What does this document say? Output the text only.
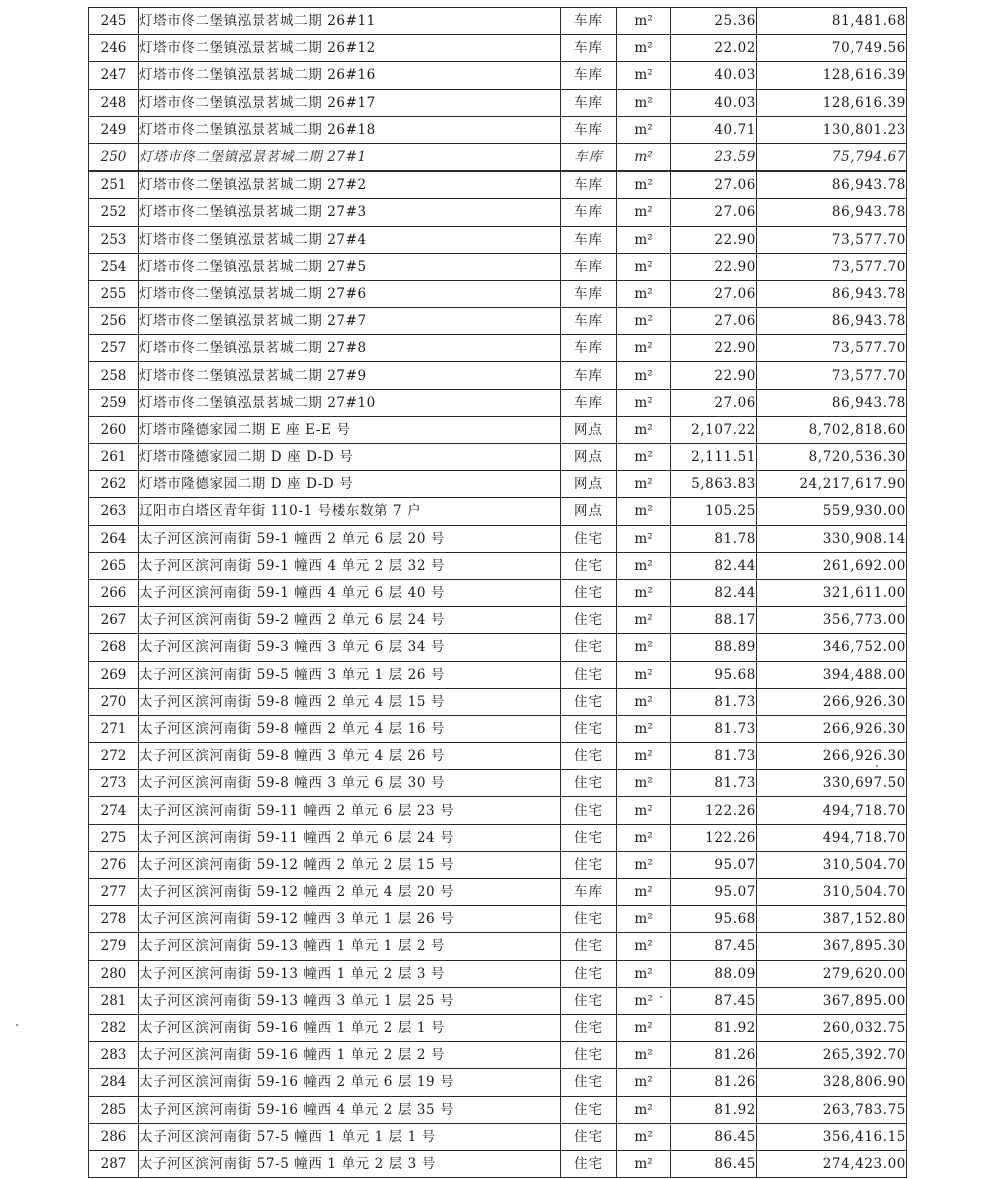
245	灯塔市佟二堡镇泓景茗城二期 26#11	车库	m²	25.36	81,481.68
246	灯塔市佟二堡镇泓景茗城二期 26#12	车库	m²	22.02	70,749.56
247	灯塔市佟二堡镇泓景茗城二期 26#16	车库	m²	40.03	128,616.39
248	灯塔市佟二堡镇泓景茗城二期 26#17	车库	m²	40.03	128,616.39
249	灯塔市佟二堡镇泓景茗城二期 26#18	车库	m²	40.71	130,801.23
250	灯塔市佟二堡镇泓景茗城二期 27#1	车库	m²	23.59	75,794.67
251	灯塔市佟二堡镇泓景茗城二期 27#2	车库	m²	27.06	86,943.78
252	灯塔市佟二堡镇泓景茗城二期 27#3	车库	m²	27.06	86,943.78
253	灯塔市佟二堡镇泓景茗城二期 27#4	车库	m²	22.90	73,577.70
254	灯塔市佟二堡镇泓景茗城二期 27#5	车库	m²	22.90	73,577.70
255	灯塔市佟二堡镇泓景茗城二期 27#6	车库	m²	27.06	86,943.78
256	灯塔市佟二堡镇泓景茗城二期 27#7	车库	m²	27.06	86,943.78
257	灯塔市佟二堡镇泓景茗城二期 27#8	车库	m²	22.90	73,577.70
258	灯塔市佟二堡镇泓景茗城二期 27#9	车库	m²	22.90	73,577.70
259	灯塔市佟二堡镇泓景茗城二期 27#10	车库	m²	27.06	86,943.78
260	灯塔市隆德家园二期 E 座 E-E 号	网点	m²	2,107.22	8,702,818.60
261	灯塔市隆德家园二期 D 座 D-D 号	网点	m²	2,111.51	8,720,536.30
262	灯塔市隆德家园二期 D 座 D-D 号	网点	m²	5,863.83	24,217,617.90
263	辽阳市白塔区青年街 110-1 号楼东数第 7 户	网点	m²	105.25	559,930.00
264	太子河区滨河南街 59-1 幢西 2 单元 6 层 20 号	住宅	m²	81.78	330,908.14
265	太子河区滨河南街 59-1 幢西 4 单元 2 层 32 号	住宅	m²	82.44	261,692.00
266	太子河区滨河南街 59-1 幢西 4 单元 6 层 40 号	住宅	m²	82.44	321,611.00
267	太子河区滨河南街 59-2 幢西 2 单元 6 层 24 号	住宅	m²	88.17	356,773.00
268	太子河区滨河南街 59-3 幢西 3 单元 6 层 34 号	住宅	m²	88.89	346,752.00
269	太子河区滨河南街 59-5 幢西 3 单元 1 层 26 号	住宅	m²	95.68	394,488.00
270	太子河区滨河南街 59-8 幢西 2 单元 4 层 15 号	住宅	m²	81.73	266,926.30
271	太子河区滨河南街 59-8 幢西 2 单元 4 层 16 号	住宅	m²	81.73	266,926.30
272	太子河区滨河南街 59-8 幢西 3 单元 4 层 26 号	住宅	m²	81.73	266,926.30
273	太子河区滨河南街 59-8 幢西 3 单元 6 层 30 号	住宅	m²	81.73	330,697.50
274	太子河区滨河南街 59-11 幢西 2 单元 6 层 23 号	住宅	m²	122.26	494,718.70
275	太子河区滨河南街 59-11 幢西 2 单元 6 层 24 号	住宅	m²	122.26	494,718.70
276	太子河区滨河南街 59-12 幢西 2 单元 2 层 15 号	住宅	m²	95.07	310,504.70
277	太子河区滨河南街 59-12 幢西 2 单元 4 层 20 号	车库	m²	95.07	310,504.70
278	太子河区滨河南街 59-12 幢西 3 单元 1 层 26 号	住宅	m²	95.68	387,152.80
279	太子河区滨河南街 59-13 幢西 1 单元 1 层 2 号	住宅	m²	87.45	367,895.30
280	太子河区滨河南街 59-13 幢西 1 单元 2 层 3 号	住宅	m²	88.09	279,620.00
281	太子河区滨河南街 59-13 幢西 3 单元 1 层 25 号	住宅	m²	87.45	367,895.00
282	太子河区滨河南街 59-16 幢西 1 单元 2 层 1 号	住宅	m²	81.92	260,032.75
283	太子河区滨河南街 59-16 幢西 1 单元 2 层 2 号	住宅	m²	81.26	265,392.70
284	太子河区滨河南街 59-16 幢西 2 单元 6 层 19 号	住宅	m²	81.26	328,806.90
285	太子河区滨河南街 59-16 幢西 4 单元 2 层 35 号	住宅	m²	81.92	263,783.75
286	太子河区滨河南街 57-5 幢西 1 单元 1 层 1 号	住宅	m²	86.45	356,416.15
287	太子河区滨河南街 57-5 幢西 1 单元 2 层 3 号	住宅	m²	86.45	274,423.00
